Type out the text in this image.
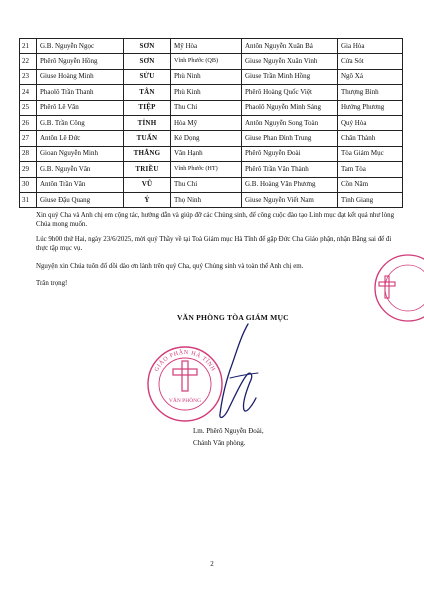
21	G.B. Nguyễn Ngọc	SƠN	Mỹ Hòa	Antôn Nguyễn Xuân Bá	Gia Hòa
22	Phêrô Nguyễn Hồng	SƠN	Vĩnh Phước (QB)	Giuse Nguyễn Xuân Vinh	Cửa Sót
23	Giuse Hoàng Minh	SỬU	Phù Ninh	Giuse Trần Minh Hồng	Ngô Xá
24	Phaolô Trần Thanh	TÂN	Phù Kinh	Phêrô Hoàng Quốc Việt	Thượng Bình
25	Phêrô Lê Văn	TIỆP	Thu Chỉ	Phaolô Nguyễn Minh Sáng	Hướng Phương
26	G.B. Trần Công	TỈNH	Hòa Mỹ	Antôn Nguyễn Song Toàn	Quý Hòa
27	Antôn Lê Đức	TUẤN	Kẻ Dọng	Giuse Phan Đình Trung	Chân Thành
28	Gioan Nguyễn Minh	THẮNG	Văn Hạnh	Phêrô Nguyễn Đoài	Tòa Giám Mục
29	G.B. Nguyễn Văn	TRIỀU	Vĩnh Phước (HT)	Phêrô Trần Văn Thành	Tam Tòa
30	Antôn Trần Văn	VŨ	Thu Chỉ	G.B. Hoàng Văn Phương	Cồn Nâm
31	Giuse Đậu Quang	Ý	Thọ Ninh	Giuse Nguyễn Viết Nam	Tình Giang

Xin quý Cha và Anh chị em cộng tác, hướng dẫn và giúp đỡ các Chủng sinh, để công cuộc đào tạo Linh mục đạt kết quả như lòng Chúa mong muốn.

Lúc 9h00 thứ Hai, ngày 23/6/2025, mời quý Thầy về tại Toà Giám mục Hà Tĩnh để gặp Đức Cha Giáo phận, nhận Bằng sai để đi thực tập mục vụ.

Nguyện xin Chúa tuôn đổ dồi dào ơn lành trên quý Cha, quý Chủng sinh và toàn thể Anh chị em.

Trân trọng!

VĂN PHÒNG TÒA GIÁM MỤC

GIÁO PHẬN HÀ TĨNH
VĂN PHÒNG

Lm. Phêrô Nguyễn Đoài,

Chánh Văn phòng.

2
